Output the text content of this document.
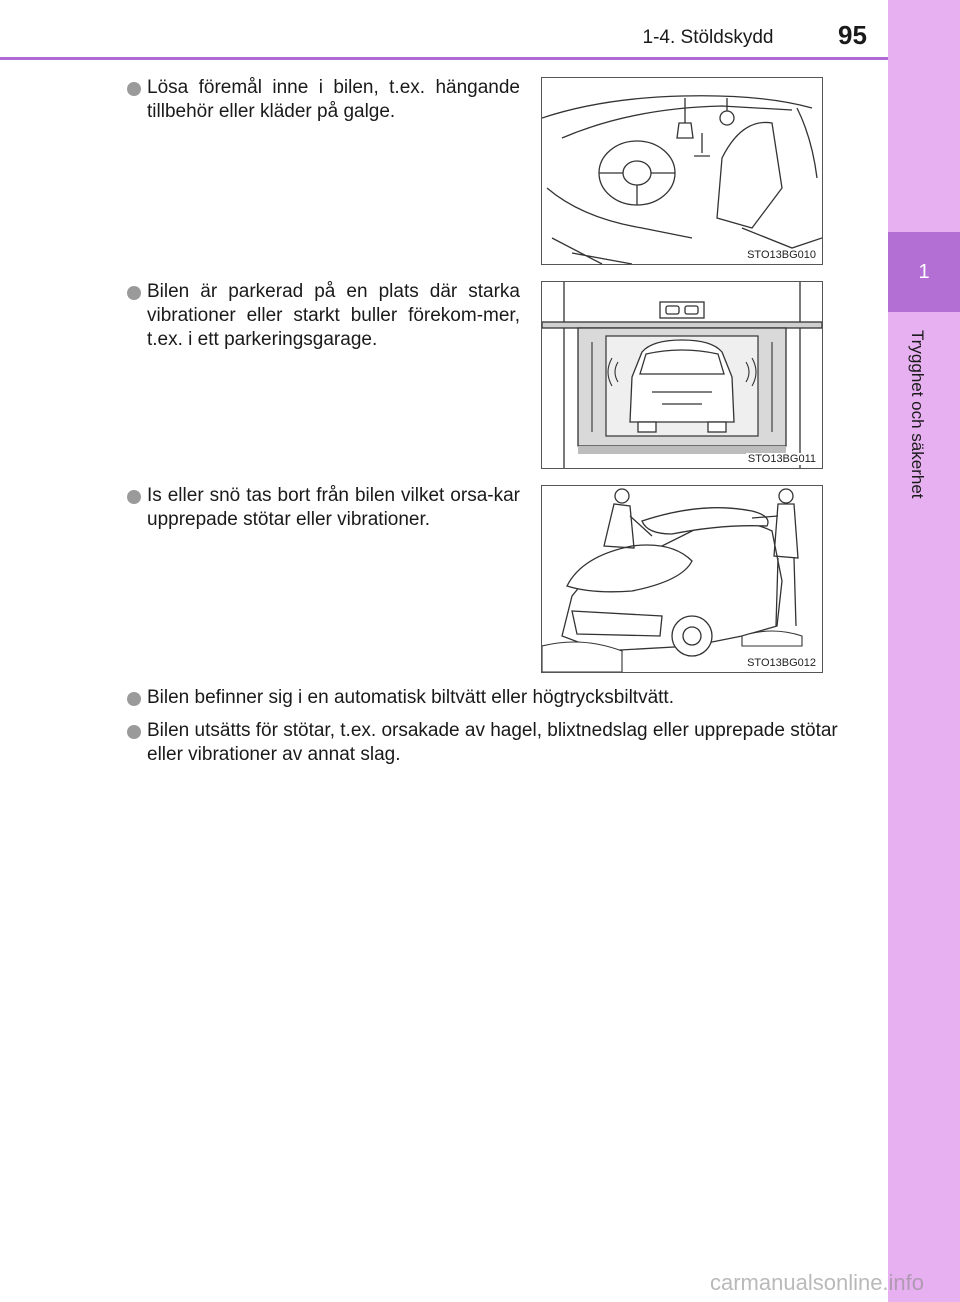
1-4. Stöldskydd	95
1
Trygghet och säkerhet
Lösa föremål inne i bilen, t.ex. hängande tillbehör eller kläder på galge.
STO13BG010
Bilen är parkerad på en plats där starka vibrationer eller starkt buller förekom-mer, t.ex. i ett parkeringsgarage.
STO13BG011
Is eller snö tas bort från bilen vilket orsa-kar upprepade stötar eller vibrationer.
STO13BG012
Bilen befinner sig i en automatisk biltvätt eller högtrycksbiltvätt.
Bilen utsätts för stötar, t.ex. orsakade av hagel, blixtnedslag eller upprepade stötar eller vibrationer av annat slag.
carmanualsonline.info
